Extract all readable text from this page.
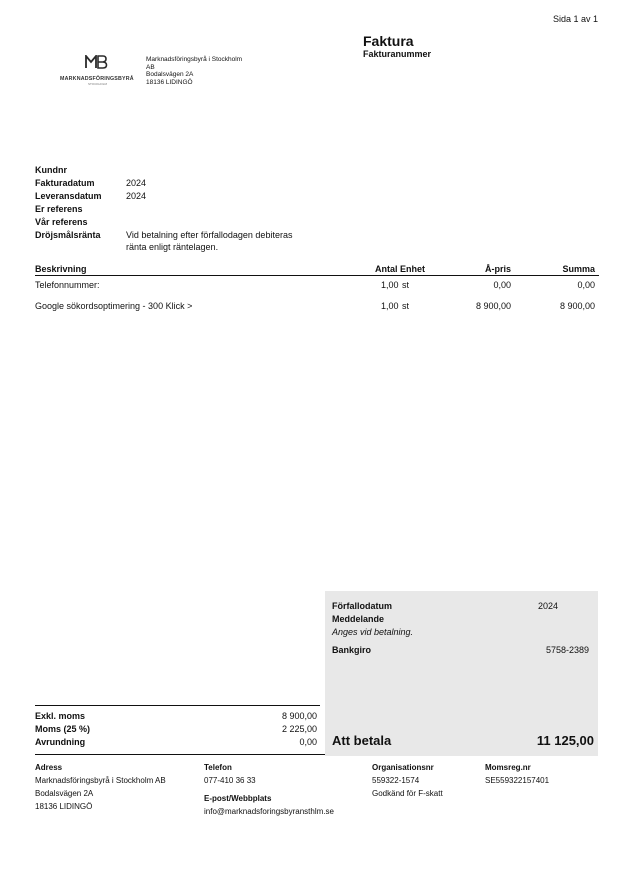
Sida 1 av 1
MARKNADSFÖRINGSBYRÅ
STOCKHOLM
Marknadsföringsbyrå i Stockholm
AB
Bodalsvägen 2A
18136 LIDINGÖ
Faktura
Fakturanummer
Kundnr
Fakturadatum	2024
Leveransdatum	2024
Er referens
Vår referens
Dröjsmålsränta	Vid betalning efter förfallodagen debiteras
ränta enligt räntelagen.
Beskrivning	Antal Enhet	Å-pris	Summa
Telefonnummer:	1,00 st	0,00	0,00
Google sökordsoptimering - 300 Klick >	1,00 st	8 900,00	8 900,00
Förfallodatum	2024
Meddelande
Anges vid betalning.
Bankgiro	5758-2389
Att betala	11 125,00
Exkl. moms	8 900,00
Moms (25 %)	2 225,00
Avrundning	0,00
Adress
Marknadsföringsbyrå i Stockholm AB
Bodalsvägen 2A
18136 LIDINGÖ
Telefon
077-410 36 33
E-post/Webbplats
info@marknadsforingsbyransthlm.se
Organisationsnr
559322-1574
Godkänd för F-skatt
Momsreg.nr
SE559322157401
